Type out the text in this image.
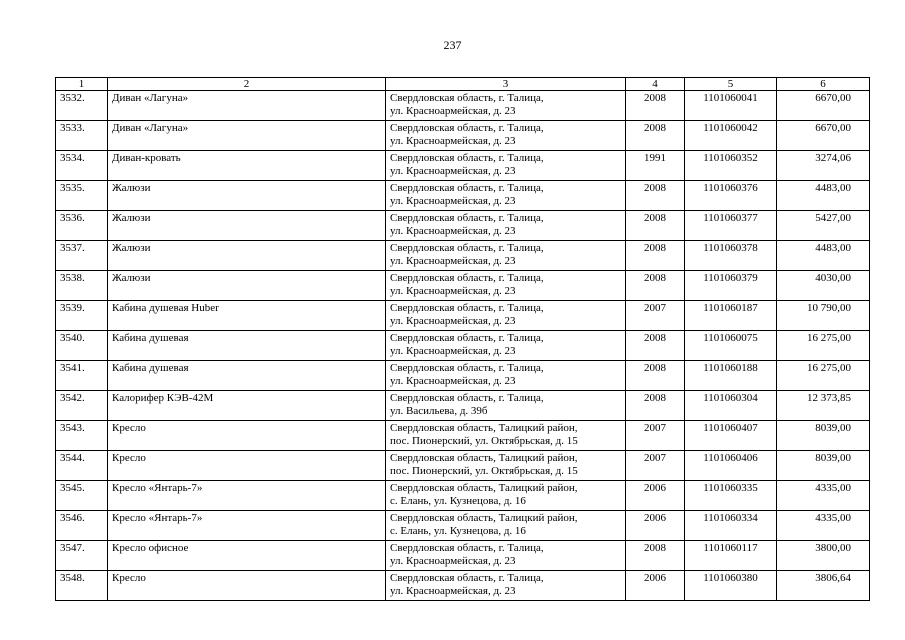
237
1	2	3	4	5	6
3532.	Диван «Лагуна»	Свердловская область, г. Талица,
ул. Красноармейская, д. 23	2008	1101060041	6670,00
3533.	Диван «Лагуна»	Свердловская область, г. Талица,
ул. Красноармейская, д. 23	2008	1101060042	6670,00
3534.	Диван-кровать	Свердловская область, г. Талица,
ул. Красноармейская, д. 23	1991	1101060352	3274,06
3535.	Жалюзи	Свердловская область, г. Талица,
ул. Красноармейская, д. 23	2008	1101060376	4483,00
3536.	Жалюзи	Свердловская область, г. Талица,
ул. Красноармейская, д. 23	2008	1101060377	5427,00
3537.	Жалюзи	Свердловская область, г. Талица,
ул. Красноармейская, д. 23	2008	1101060378	4483,00
3538.	Жалюзи	Свердловская область, г. Талица,
ул. Красноармейская, д. 23	2008	1101060379	4030,00
3539.	Кабина душевая Huber	Свердловская область, г. Талица,
ул. Красноармейская, д. 23	2007	1101060187	10 790,00
3540.	Кабина душевая	Свердловская область, г. Талица,
ул. Красноармейская, д. 23	2008	1101060075	16 275,00
3541.	Кабина душевая	Свердловская область, г. Талица,
ул. Красноармейская, д. 23	2008	1101060188	16 275,00
3542.	Калорифер КЭВ-42М	Свердловская область, г. Талица,
ул. Васильева, д. 39б	2008	1101060304	12 373,85
3543.	Кресло	Свердловская область, Талицкий район,
пос. Пионерский, ул. Октябрьская, д. 15	2007	1101060407	8039,00
3544.	Кресло	Свердловская область, Талицкий район,
пос. Пионерский, ул. Октябрьская, д. 15	2007	1101060406	8039,00
3545.	Кресло «Янтарь-7»	Свердловская область, Талицкий район,
с. Елань, ул. Кузнецова, д. 16	2006	1101060335	4335,00
3546.	Кресло «Янтарь-7»	Свердловская область, Талицкий район,
с. Елань, ул. Кузнецова, д. 16	2006	1101060334	4335,00
3547.	Кресло офисное	Свердловская область, г. Талица,
ул. Красноармейская, д. 23	2008	1101060117	3800,00
3548.	Кресло	Свердловская область, г. Талица,
ул. Красноармейская, д. 23	2006	1101060380	3806,64
